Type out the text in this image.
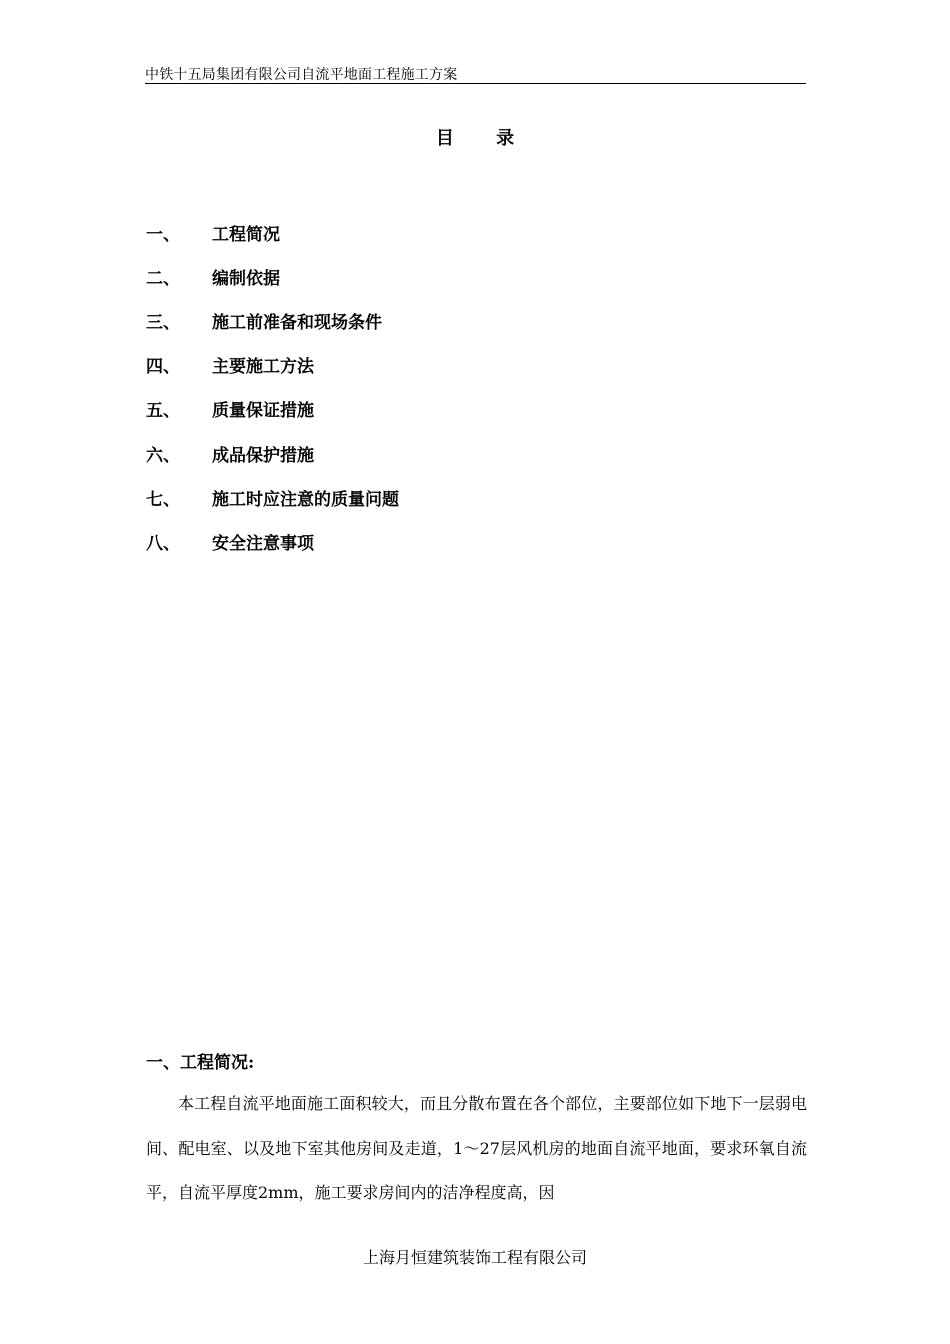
中铁十五局集团有限公司自流平地面工程施工方案
目 录
一、	工程简况
二、	编制依据
三、	施工前准备和现场条件
四、	主要施工方法
五、	质量保证措施
六、	成品保护措施
七、	施工时应注意的质量问题
八、	安全注意事项
一、工程简况:

本工程自流平地面施工面积较大，而且分散布置在各个部位，主要部位如下地下一层弱电间、配电室、以及地下室其他房间及走道，1～27层风机房的地面自流平地面，要求环氧自流平，自流平厚度2mm，施工要求房间内的洁净程度高，因

上海月恒建筑装饰工程有限公司
